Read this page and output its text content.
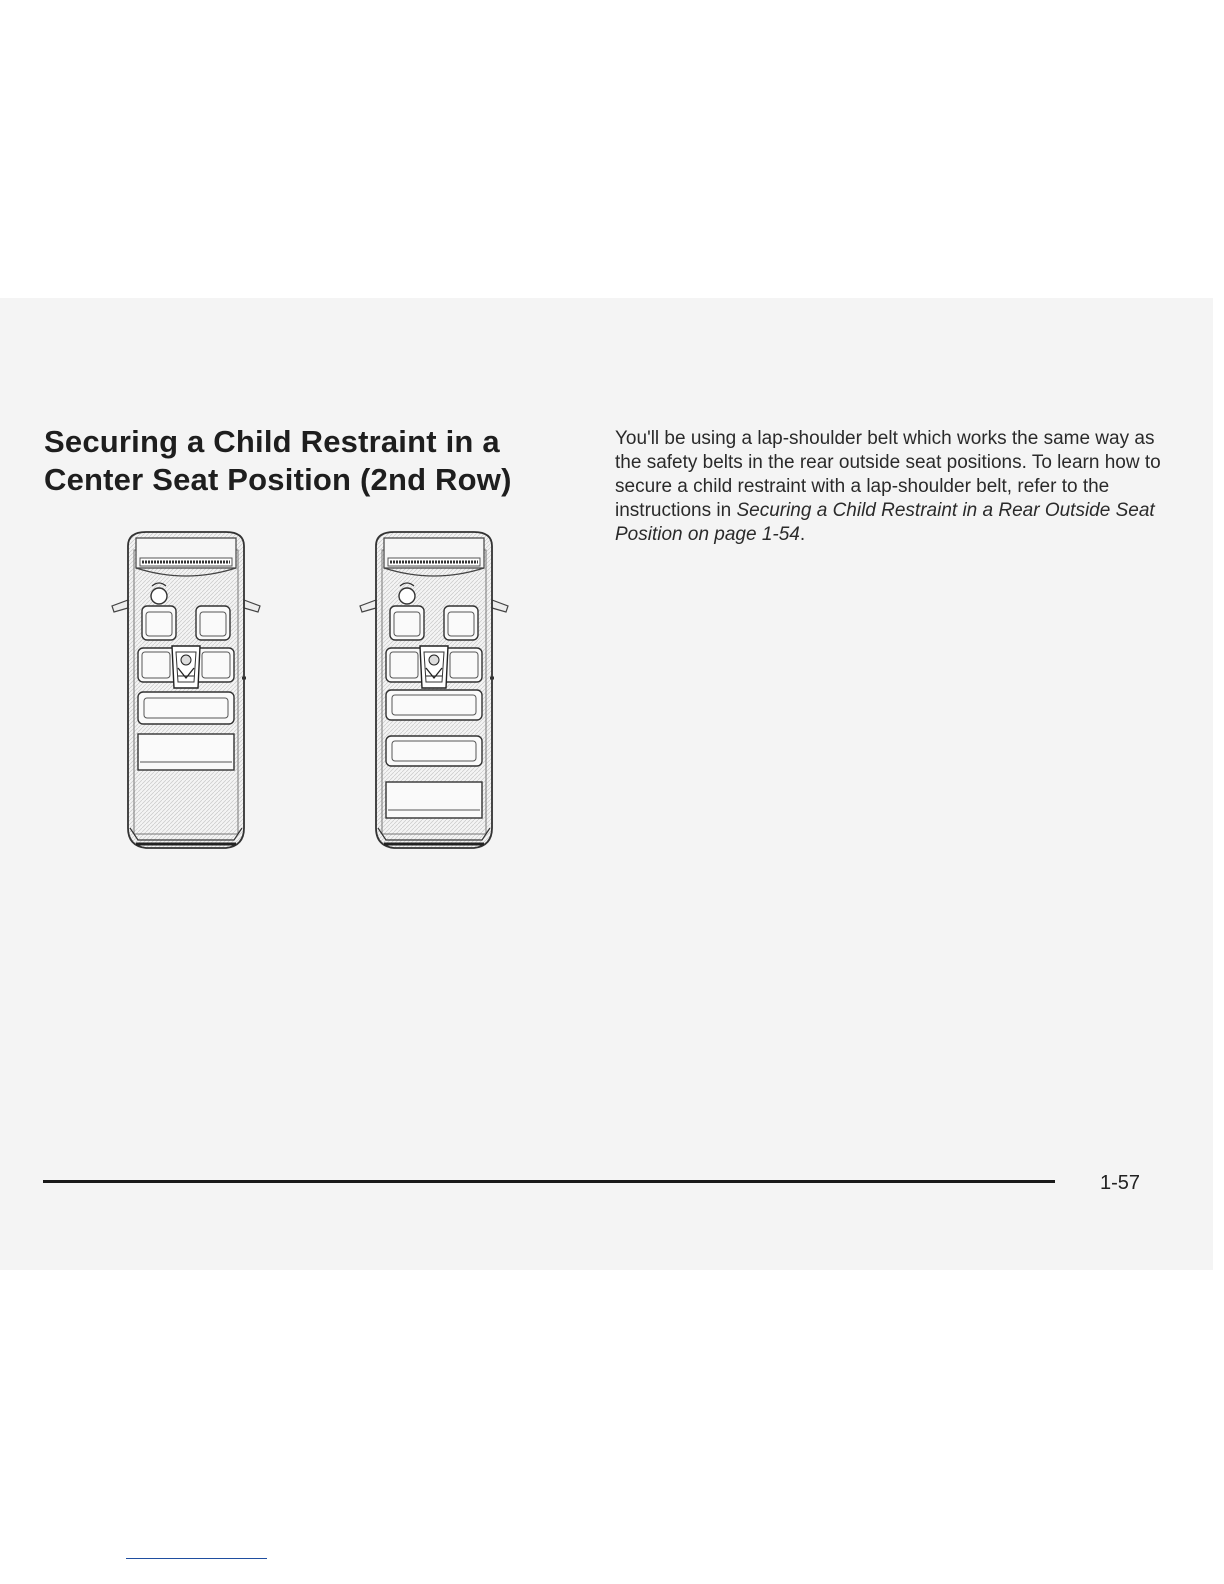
Securing a Child Restraint in a
Center Seat Position (2nd Row)

You'll be using a lap-shoulder belt which works the same way as the safety belts in the rear outside seat positions. To learn how to secure a child restraint with a lap-shoulder belt, refer to the instructions in Securing a Child Restraint in a Rear Outside Seat Position on page 1-54.

1-57
